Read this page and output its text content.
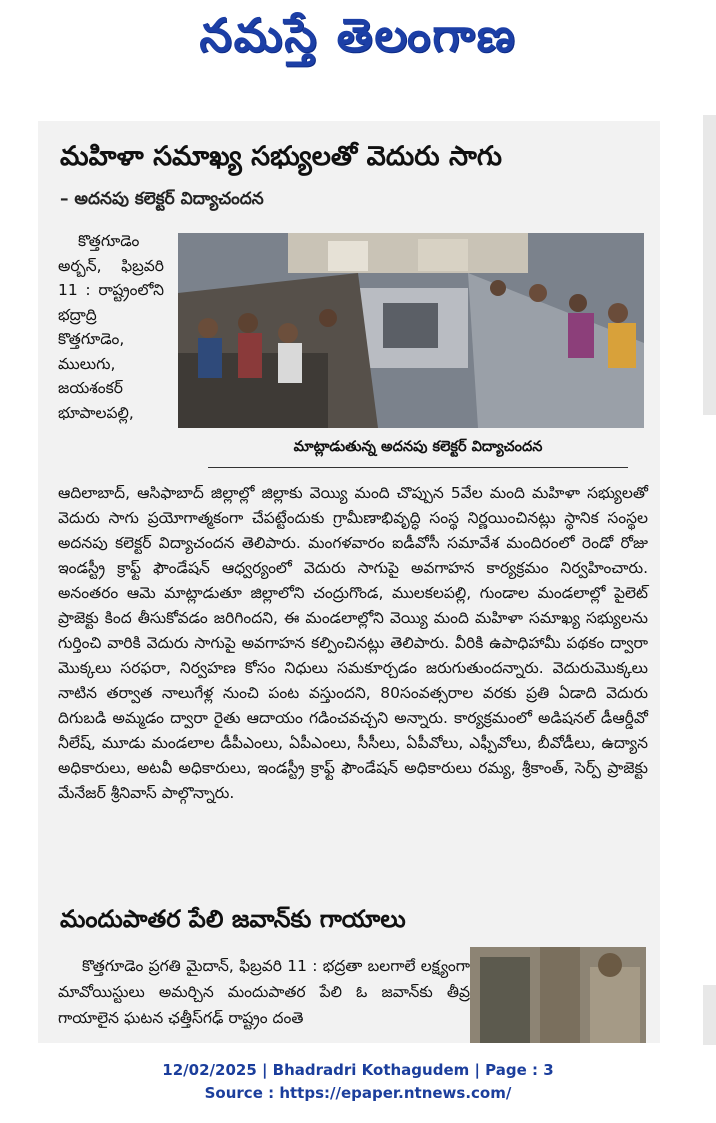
నమస్తే తెలంగాణ
మహిళా సమాఖ్య సభ్యులతో వెదురు సాగు
– అదనపు కలెక్టర్ విద్యాచందన

కొత్తగూడెం అర్బన్, ఫిబ్రవరి 11 : రాష్ట్రంలోని భద్రాద్రి కొత్తగూడెం, ములుగు, జయశంకర్ భూపాలపల్లి,

మాట్లాడుతున్న అదనపు కలెక్టర్ విద్యాచందన

ఆదిలాబాద్, ఆసిఫాబాద్ జిల్లాల్లో జిల్లాకు వెయ్యి మంది చొప్పున 5వేల మంది మహిళా సభ్యులతో వెదురు సాగు ప్రయోగాత్మకంగా చేపట్టేందుకు గ్రామీణాభివృద్ధి సంస్థ నిర్ణయించినట్లు స్థానిక సంస్థల అదనపు కలెక్టర్ విద్యాచందన తెలిపారు. మంగళవారం ఐడీవోసీ సమావేశ మందిరంలో రెండో రోజు ఇండస్ట్రీ క్రాఫ్ట్ ఫౌండేషన్ ఆధ్వర్యంలో వెదురు సాగుపై అవగాహన కార్యక్రమం నిర్వహించారు. అనంతరం ఆమె మాట్లాడుతూ జిల్లాలోని చంద్రుగొండ, ములకలపల్లి, గుండాల మండలాల్లో పైలెట్ ప్రాజెక్టు కింద తీసుకోవడం జరిగిందని, ఈ మండలాల్లోని వెయ్యి మంది మహిళా సమాఖ్య సభ్యులను గుర్తించి వారికి వెదురు సాగుపై అవగాహన కల్పించినట్లు తెలిపారు. వీరికి ఉపాధిహామీ పథకం ద్వారా మొక్కలు సరఫరా, నిర్వహణ కోసం నిధులు సమకూర్చడం జరుగుతుందన్నారు. వెదురుమొక్కలు నాటిన తర్వాత నాలుగేళ్ల నుంచి పంట వస్తుందని, 80సంవత్సరాల వరకు ప్రతి ఏడాది వెదురు దిగుబడి అమ్మడం ద్వారా రైతు ఆదాయం గడించవచ్చని అన్నారు. కార్యక్రమంలో అడిషనల్ డీఆర్డీవో నీలేష్, మూడు మండలాల డీపీఎంలు, ఏపీఎంలు, సీసీలు, ఏపీవోలు, ఎఫ్పీవోలు, బీవోడీలు, ఉద్యాన అధికారులు, అటవీ అధికారులు, ఇండస్ట్రీ క్రాఫ్ట్ ఫౌండేషన్ అధికారులు రమ్య, శ్రీకాంత్, సెర్ప్ ప్రాజెక్టు మేనేజర్ శ్రీనివాస్ పాల్గొన్నారు.

మందుపాతర పేలి జవాన్‌కు గాయాలు

కొత్తగూడెం ప్రగతి మైదాన్, ఫిబ్రవరి 11 : భద్రతా బలగాలే లక్ష్యంగా మావోయిస్టులు అమర్చిన మందుపాతర పేలి ఓ జవాన్‌కు తీవ్ర గాయాలైన ఘటన ఛత్తీస్‌గఢ్ రాష్ట్రం దంతె

12/02/2025 | Bhadradri Kothagudem | Page : 3
Source : https://epaper.ntnews.com/
